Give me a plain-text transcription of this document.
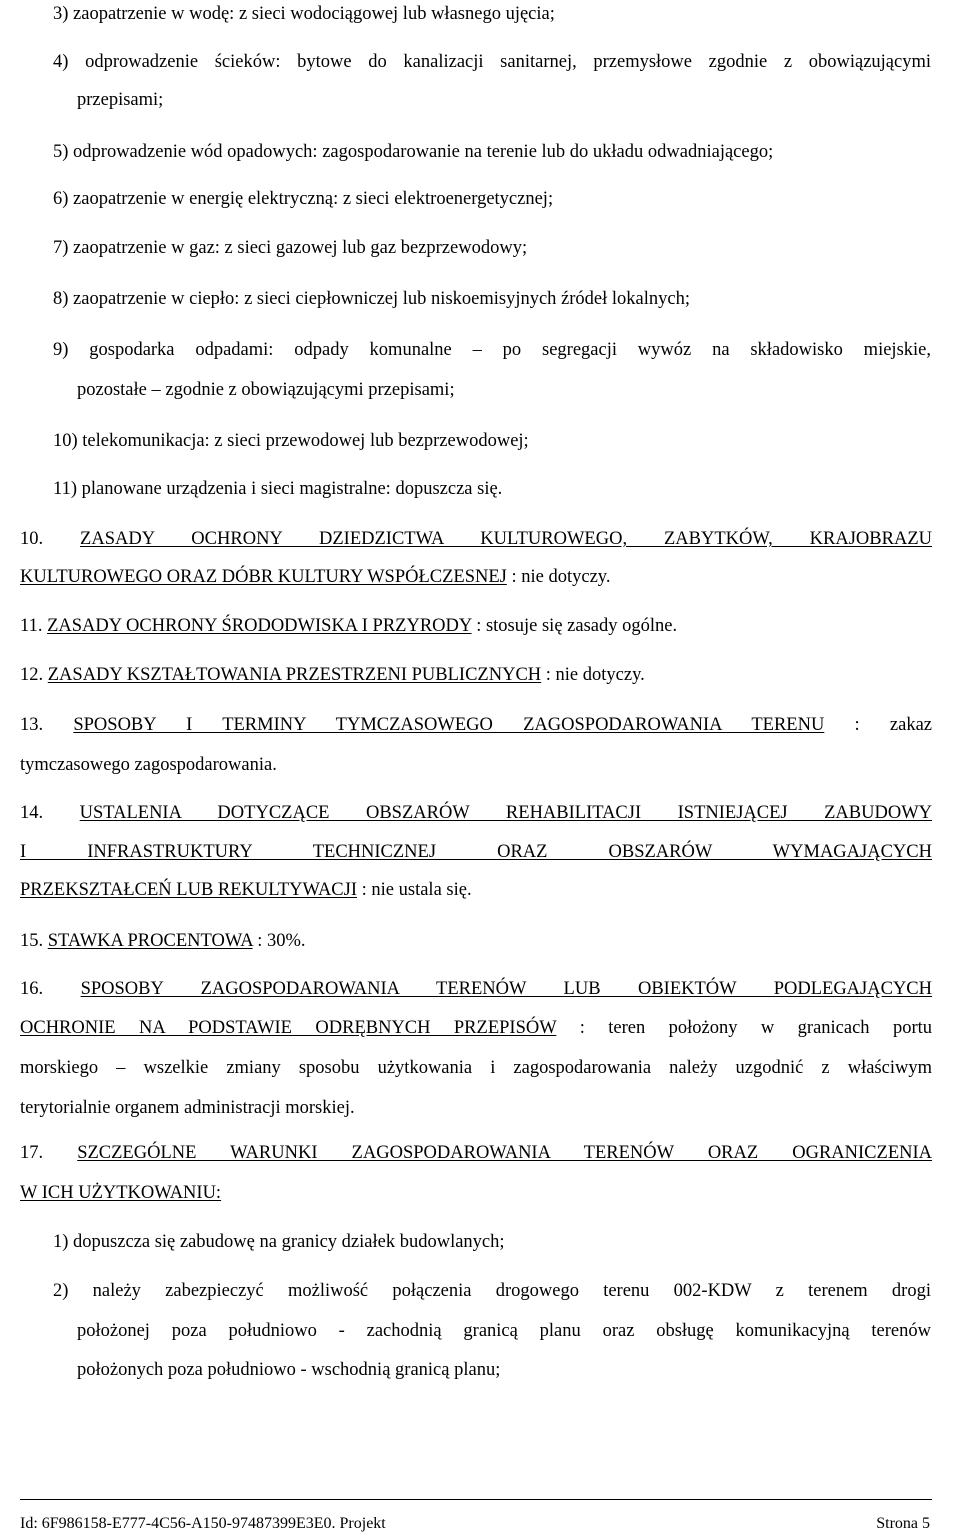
3) zaopatrzenie w wodę: z sieci wodociągowej lub własnego ujęcia;

4) odprowadzenie ścieków: bytowe do kanalizacji sanitarnej, przemysłowe zgodnie z obowiązującymi

przepisami;

5) odprowadzenie wód opadowych: zagospodarowanie na terenie lub do układu odwadniającego;

6) zaopatrzenie w energię elektryczną: z sieci elektroenergetycznej;

7) zaopatrzenie w gaz: z sieci gazowej lub gaz bezprzewodowy;

8) zaopatrzenie w ciepło: z sieci ciepłowniczej lub niskoemisyjnych źródeł lokalnych;

9) gospodarka odpadami: odpady komunalne – po segregacji wywóz na składowisko miejskie,

pozostałe – zgodnie z obowiązującymi przepisami;

10) telekomunikacja: z sieci przewodowej lub bezprzewodowej;

11) planowane urządzenia i sieci magistralne: dopuszcza się.

10. ZASADY OCHRONY DZIEDZICTWA KULTUROWEGO, ZABYTKÓW, KRAJOBRAZU

KULTUROWEGO ORAZ DÓBR KULTURY WSPÓŁCZESNEJ : nie dotyczy.

11. ZASADY OCHRONY ŚRODODWISKA I PRZYRODY : stosuje się zasady ogólne.

12. ZASADY KSZTAŁTOWANIA PRZESTRZENI PUBLICZNYCH : nie dotyczy.

13. SPOSOBY I TERMINY TYMCZASOWEGO ZAGOSPODAROWANIA TERENU : zakaz

tymczasowego zagospodarowania.

14. USTALENIA DOTYCZĄCE OBSZARÓW REHABILITACJI ISTNIEJĄCEJ ZABUDOWY

I INFRASTRUKTURY TECHNICZNEJ ORAZ OBSZARÓW WYMAGAJĄCYCH

PRZEKSZTAŁCEŃ LUB REKULTYWACJI : nie ustala się.

15. STAWKA PROCENTOWA : 30%.

16. SPOSOBY ZAGOSPODAROWANIA TERENÓW LUB OBIEKTÓW PODLEGAJĄCYCH

OCHRONIE NA PODSTAWIE ODRĘBNYCH PRZEPISÓW : teren położony w granicach portu

morskiego – wszelkie zmiany sposobu użytkowania i zagospodarowania należy uzgodnić z właściwym

terytorialnie organem administracji morskiej.

17. SZCZEGÓLNE WARUNKI ZAGOSPODAROWANIA TERENÓW ORAZ OGRANICZENIA

W ICH UŻYTKOWANIU:

1) dopuszcza się zabudowę na granicy działek budowlanych;

2) należy zabezpieczyć możliwość połączenia drogowego terenu 002-KDW z terenem drogi

położonej poza południowo - zachodnią granicą planu oraz obsługę komunikacyjną terenów

położonych poza południowo - wschodnią granicą planu;

Id: 6F986158-E777-4C56-A150-97487399E3E0. Projekt	Strona 5
